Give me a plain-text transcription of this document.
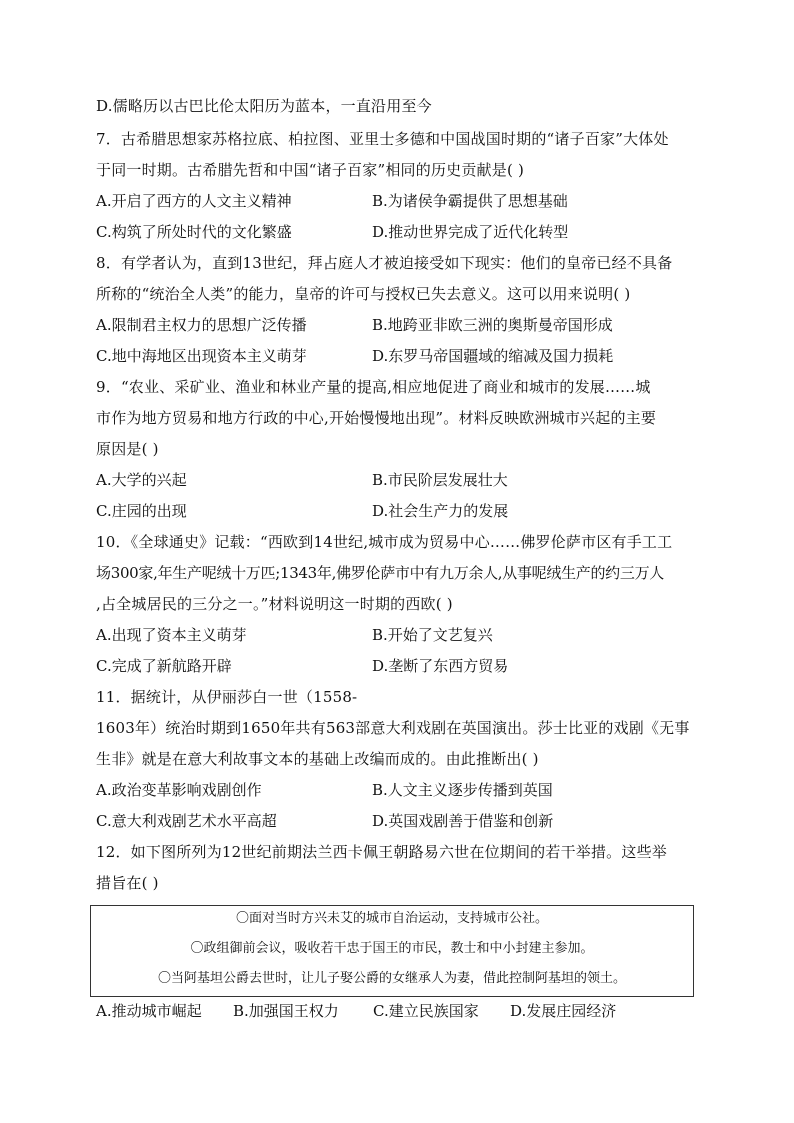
D.儒略历以古巴比伦太阳历为蓝本，一直沿用至今
7．古希腊思想家苏格拉底、柏拉图、亚里士多德和中国战国时期的“诸子百家”大体处
于同一时期。古希腊先哲和中国“诸子百家”相同的历史贡献是( )
A.开启了西方的人文主义精神	B.为诸侯争霸提供了思想基础
C.构筑了所处时代的文化繁盛	D.推动世界完成了近代化转型
8．有学者认为，直到13世纪，拜占庭人才被迫接受如下现实：他们的皇帝已经不具备
所称的“统治全人类”的能力，皇帝的许可与授权已失去意义。这可以用来说明( )
A.限制君主权力的思想广泛传播	B.地跨亚非欧三洲的奥斯曼帝国形成
C.地中海地区出现资本主义萌芽	D.东罗马帝国疆域的缩减及国力损耗
9．“农业、采矿业、渔业和林业产量的提高,相应地促进了商业和城市的发展……城
市作为地方贸易和地方行政的中心,开始慢慢地出现”。材料反映欧洲城市兴起的主要
原因是( )
A.大学的兴起	B.市民阶层发展壮大
C.庄园的出现	D.社会生产力的发展
10．《全球通史》记载：“西欧到14世纪,城市成为贸易中心……佛罗伦萨市区有手工工
场300家,年生产呢绒十万匹;1343年,佛罗伦萨市中有九万余人,从事呢绒生产的约三万人
,占全城居民的三分之一。”材料说明这一时期的西欧( )
A.出现了资本主义萌芽	B.开始了文艺复兴
C.完成了新航路开辟	D.垄断了东西方贸易
11．据统计，从伊丽莎白一世（1558-
1603年）统治时期到1650年共有563部意大利戏剧在英国演出。莎士比亚的戏剧《无事
生非》就是在意大利故事文本的基础上改编而成的。由此推断出( )
A.政治变革影响戏剧创作	B.人文主义逐步传播到英国
C.意大利戏剧艺术水平高超	D.英国戏剧善于借鉴和创新
12．如下图所列为12世纪前期法兰西卡佩王朝路易六世在位期间的若干举措。这些举
措旨在( )
〇面对当时方兴未艾的城市自治运动，支持城市公社。
〇政组御前会议，吸收若干忠于国王的市民，教士和中小封建主参加。
〇当阿基坦公爵去世时，让儿子娶公爵的女继承人为妻，借此控制阿基坦的领土。
A.推动城市崛起 B.加强国王权力 C.建立民族国家 D.发展庄园经济
